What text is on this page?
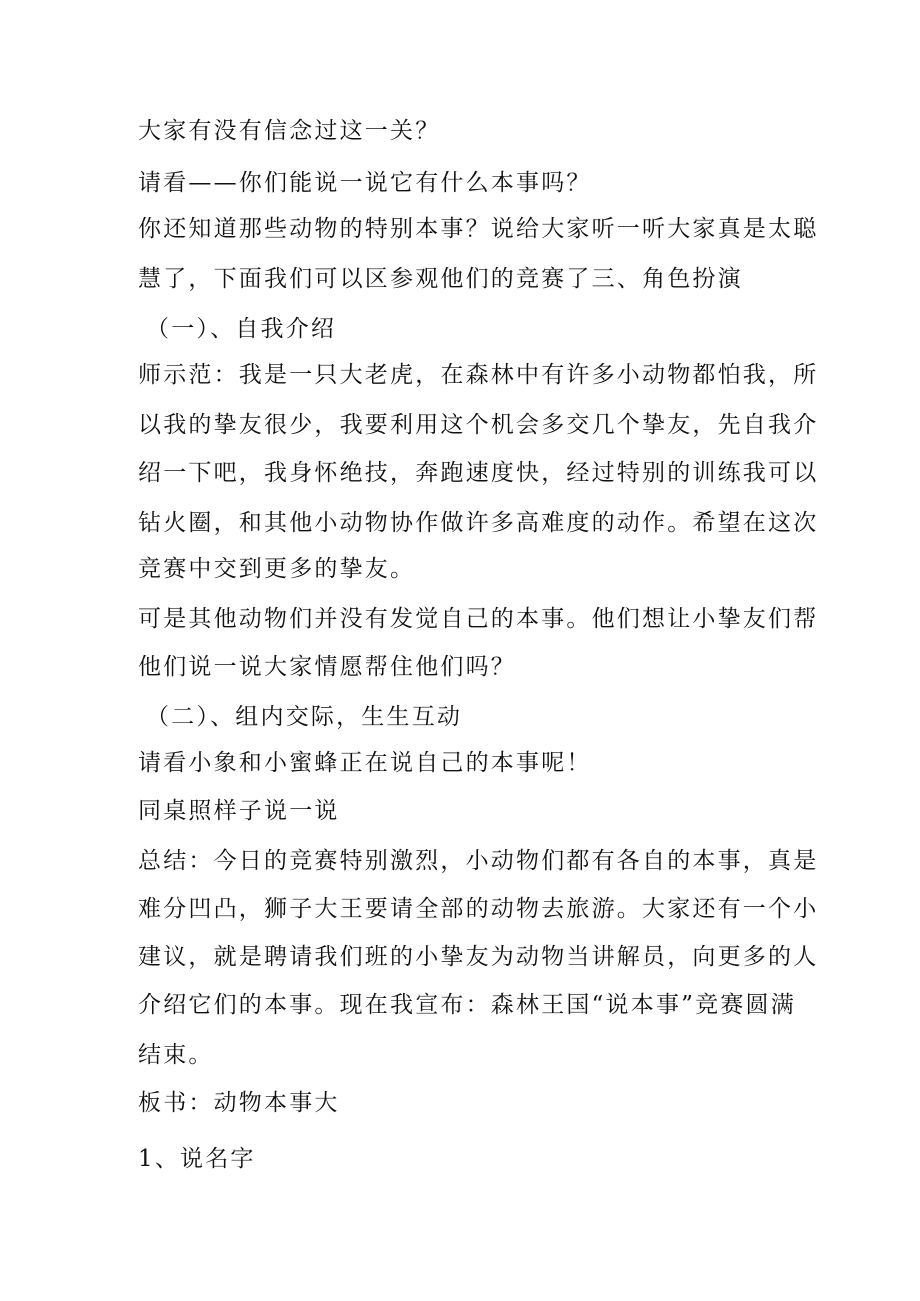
大家有没有信念过这一关？
请看——你们能说一说它有什么本事吗？
你还知道那些动物的特别本事？说给大家听一听大家真是太聪
慧了，下面我们可以区参观他们的竞赛了三、角色扮演
（一）、自我介绍
师示范：我是一只大老虎，在森林中有许多小动物都怕我，所
以我的挚友很少，我要利用这个机会多交几个挚友，先自我介
绍一下吧，我身怀绝技，奔跑速度快，经过特别的训练我可以
钻火圈，和其他小动物协作做许多高难度的动作。希望在这次
竞赛中交到更多的挚友。
可是其他动物们并没有发觉自己的本事。他们想让小挚友们帮
他们说一说大家情愿帮住他们吗？
（二）、组内交际，生生互动
请看小象和小蜜蜂正在说自己的本事呢！
同桌照样子说一说
总结：今日的竞赛特别激烈，小动物们都有各自的本事，真是
难分凹凸，狮子大王要请全部的动物去旅游。大家还有一个小
建议，就是聘请我们班的小挚友为动物当讲解员，向更多的人
介绍它们的本事。现在我宣布：森林王国“说本事”竞赛圆满
结束。
板书：动物本事大
1、说名字
